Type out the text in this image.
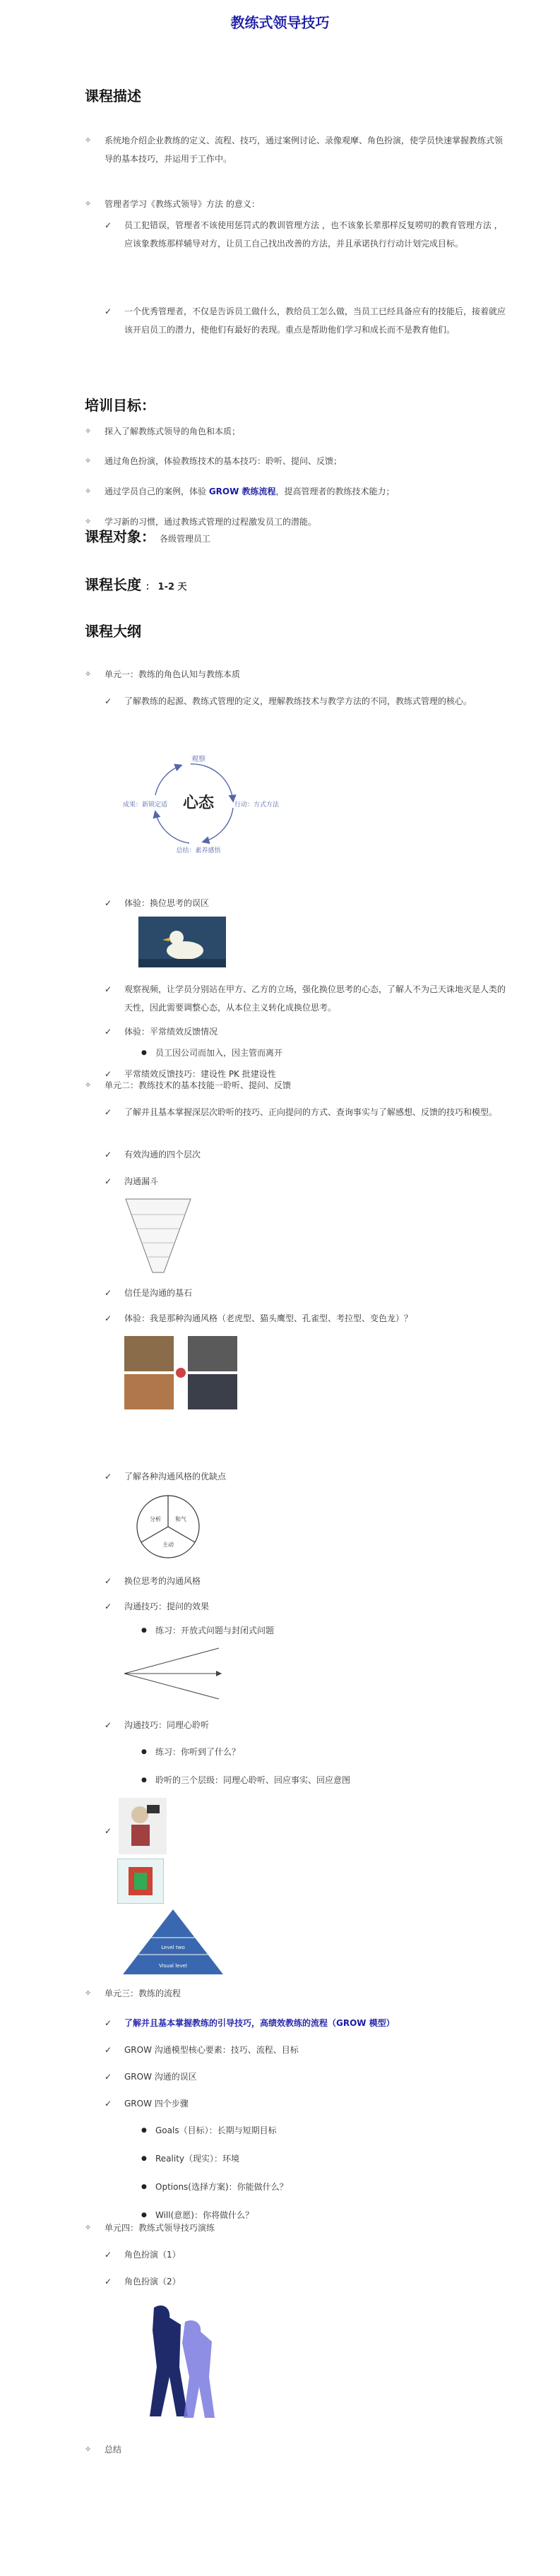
教练式领导技巧
课程描述
✧ 系统地介绍企业教练的定义、流程、技巧，通过案例讨论、录像观摩、角色扮演，使学员快速掌握教练式领导的基本技巧，并运用于工作中。
✧ 管理者学习《教练式领导》方法 的意义：
✓ 员工犯错误，管理者不该使用惩罚式的教训管理方法 ，也不该象长辈那样反复唠叨的教育管理方法 ，应该象教练那样辅导对方，让员工自己找出改善的方法，并且承诺执行行动计划完成目标。
✓ 一个优秀管理者，不仅是告诉员工做什么，教给员工怎么做，当员工已经具备应有的技能后，接着就应该开启员工的潜力，使他们有最好的表现。重点是帮助他们学习和成长而不是教育他们。
培训目标：
✧ 探入了解教练式领导的角色和本质；
✧ 通过角色扮演，体验教练技术的基本技巧：聆听、提问、反馈；
✧ 通过学员自己的案例，体验 GROW 教练流程，提高管理者的教练技术能力；
✧ 学习新的习惯，通过教练式管理的过程激发员工的潜能。
课程对象： 各级管理员工
课程长度 ： 1-2 天
课程大纲
✧ 单元一：教练的角色认知与教练本质
✓ 了解教练的起源、教练式管理的定义，理解教练技术与教学方法的不同，教练式管理的核心。
观察
心态	行动：方式方法
总结：素养感悟
成果：新锁定适
✓ 体验：换位思考的误区
✓ 观察视频，让学员分别站在甲方、乙方的立场，强化换位思考的心态，了解人不为己天诛地灭是人类的天性，因此需要调整心态，从本位主义转化成换位思考。
✓ 体验：平常绩效反馈情况
● 员工因公司而加入，因主管而离开
✓ 平常绩效反馈技巧：建设性 PK 批建设性
✧ 单元二：教练技术的基本技能一聆听、提问、反馈
✓ 了解并且基本掌握深层次聆听的技巧、正向提问的方式、查询事实与了解感想、反馈的技巧和模型。
✓ 有效沟通的四个层次
✓ 沟通漏斗
✓ 信任是沟通的基石
✓ 体验：我是那种沟通风格（老虎型、猫头鹰型、孔雀型、考拉型、变色龙）？
✓ 了解各种沟通风格的优缺点
分析	和气
主动
✓ 换位思考的沟通风格
✓ 沟通技巧：提问的效果
● 练习：开放式问题与封闭式问题
✓ 沟通技巧：同理心聆听
● 练习：你听到了什么？
● 聆听的三个层级：同理心聆听、回应事实、回应意图
Level two
Visual level
✧ 单元三：教练的流程
✓ 了解并且基本掌握教练的引导技巧，高绩效教练的流程（GROW 模型）
✓ GROW 沟通模型核心要素：技巧、流程、目标
✓ GROW 沟通的误区
✓ GROW 四个步骤
● Goals（目标）：长期与短期目标
● Reality（现实）：环境
● Options(选择方案)：你能做什么？
● Will(意愿)：你将做什么？
✧ 单元四：教练式领导技巧演练
✓ 角色扮演（1）
✓ 角色扮演（2）
✧ 总结
